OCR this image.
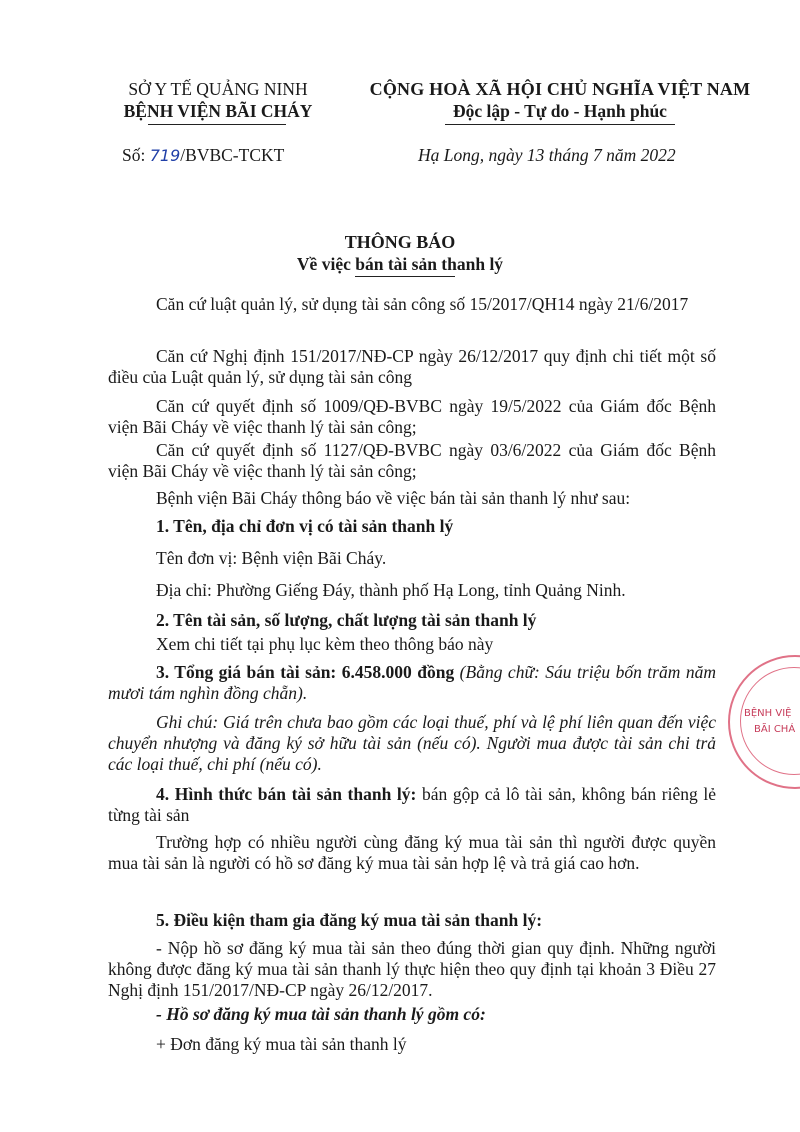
SỞ Y TẾ QUẢNG NINH
BỆNH VIỆN BÃI CHÁY
CỘNG HOÀ XÃ HỘI CHỦ NGHĨA VIỆT NAM
Độc lập - Tự do - Hạnh phúc
Số: 719/BVBC-TCKT	Hạ Long, ngày 13 tháng 7 năm 2022
THÔNG BÁO
Về việc bán tài sản thanh lý
Căn cứ luật quản lý, sử dụng tài sản công số 15/2017/QH14 ngày 21/6/2017
Căn cứ Nghị định 151/2017/NĐ-CP ngày 26/12/2017 quy định chi tiết một số điều của Luật quản lý, sử dụng tài sản công
Căn cứ quyết định số 1009/QĐ-BVBC ngày 19/5/2022 của Giám đốc Bệnh viện Bãi Cháy về việc thanh lý tài sản công;
Căn cứ quyết định số 1127/QĐ-BVBC ngày 03/6/2022 của Giám đốc Bệnh viện Bãi Cháy về việc thanh lý tài sản công;
Bệnh viện Bãi Cháy thông báo về việc bán tài sản thanh lý như sau:
1. Tên, địa chỉ đơn vị có tài sản thanh lý
Tên đơn vị: Bệnh viện Bãi Cháy.
Địa chỉ: Phường Giếng Đáy, thành phố Hạ Long, tỉnh Quảng Ninh.
2. Tên tài sản, số lượng, chất lượng tài sản thanh lý
Xem chi tiết tại phụ lục kèm theo thông báo này
3. Tổng giá bán tài sản: 6.458.000 đồng (Bằng chữ: Sáu triệu bốn trăm năm mươi tám nghìn đồng chẵn).
Ghi chú: Giá trên chưa bao gồm các loại thuế, phí và lệ phí liên quan đến việc chuyển nhượng và đăng ký sở hữu tài sản (nếu có). Người mua được tài sản chi trả các loại thuế, chi phí (nếu có).
4. Hình thức bán tài sản thanh lý: bán gộp cả lô tài sản, không bán riêng lẻ từng tài sản
Trường hợp có nhiều người cùng đăng ký mua tài sản thì người được quyền mua tài sản là người có hồ sơ đăng ký mua tài sản hợp lệ và trả giá cao hơn.
5. Điều kiện tham gia đăng ký mua tài sản thanh lý:
- Nộp hồ sơ đăng ký mua tài sản theo đúng thời gian quy định. Những người không được đăng ký mua tài sản thanh lý thực hiện theo quy định tại khoản 3 Điều 27 Nghị định 151/2017/NĐ-CP ngày 26/12/2017.
- Hồ sơ đăng ký mua tài sản thanh lý gồm có:
+ Đơn đăng ký mua tài sản thanh lý
BỆNH VIỆ
BÃI CHÁ
